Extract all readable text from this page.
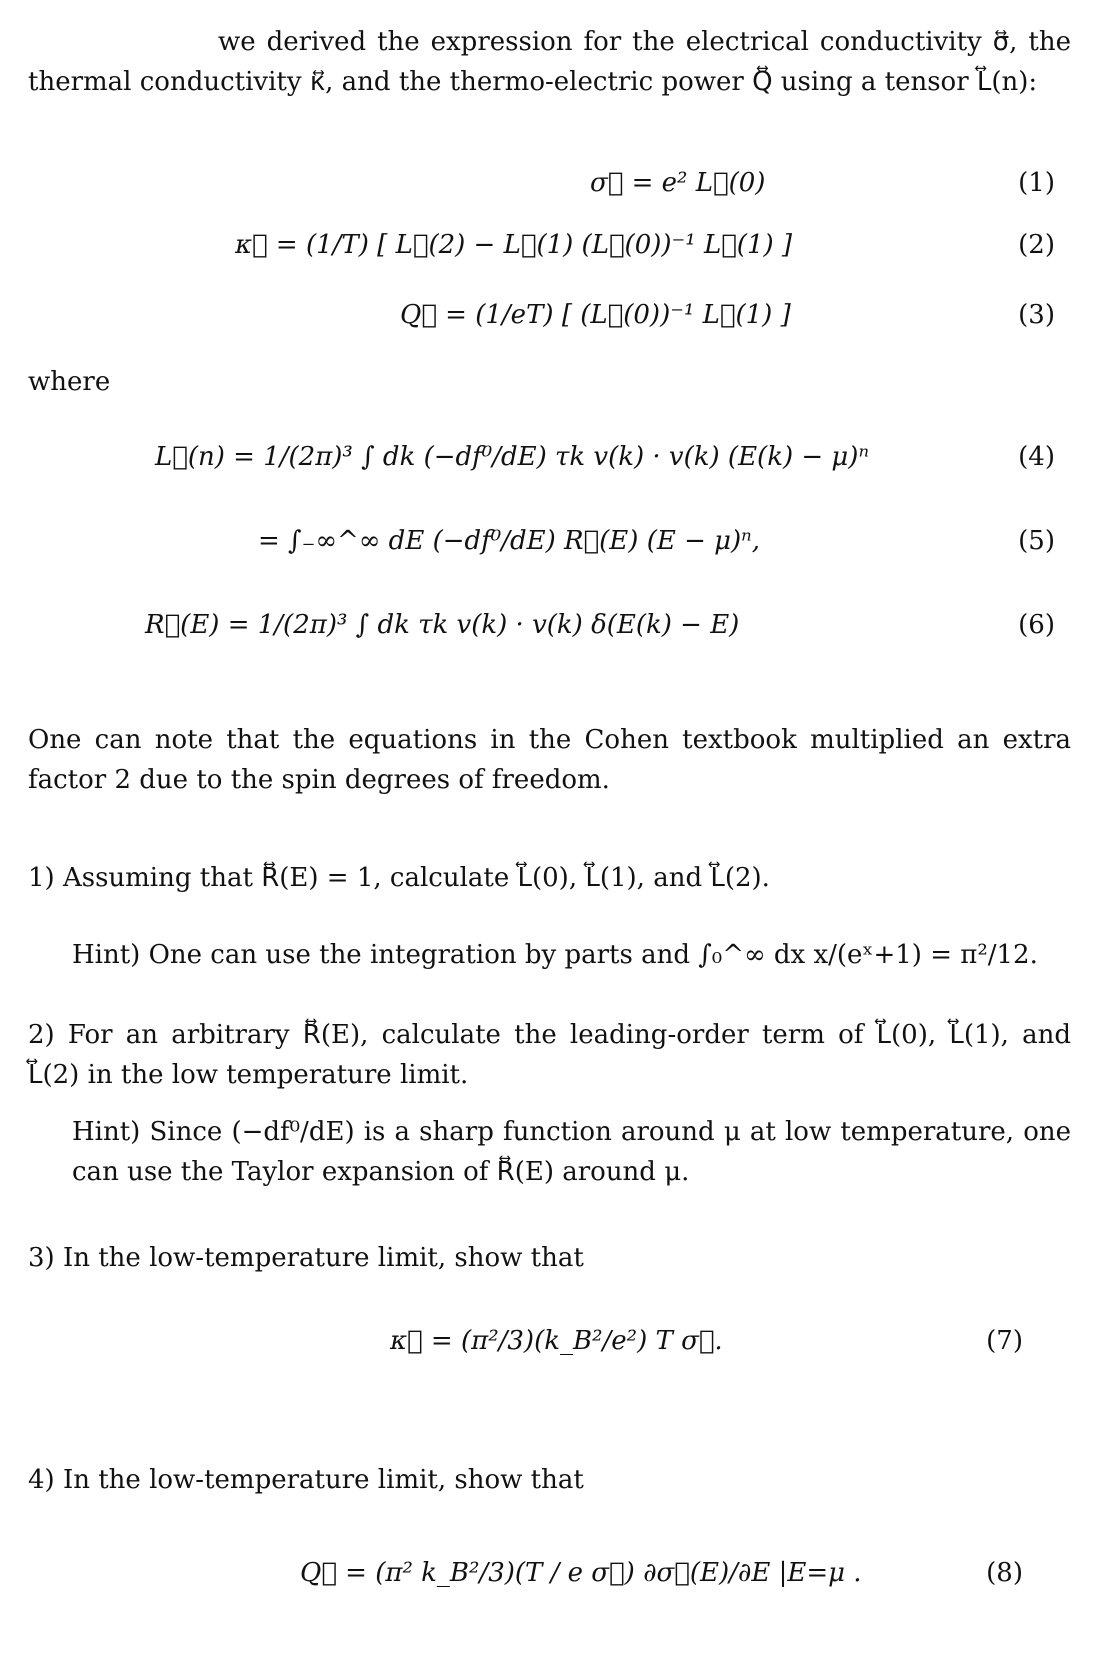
we derived the expression for the electrical conductivity σ⃡, the thermal conductivity κ⃡, and the thermo-electric power Q⃡ using a tensor L⃡(n):
σ⃡ = e² L⃡(0)	(1)
κ⃡ = (1/T) [ L⃡(2) − L⃡(1) (L⃡(0))⁻¹ L⃡(1) ]	(2)
Q⃡ = (1/eT) [ (L⃡(0))⁻¹ L⃡(1) ]	(3)
where
L⃡(n) = 1/(2π)³ ∫ dk (−df⁰/dE) τk v(k) · v(k) (E(k) − μ)ⁿ	(4)
= ∫₋∞^∞ dE (−df⁰/dE) R⃡(E) (E − μ)ⁿ,	(5)
R⃡(E) = 1/(2π)³ ∫ dk τk v(k) · v(k) δ(E(k) − E)	(6)
One can note that the equations in the Cohen textbook multiplied an extra factor 2 due to the spin degrees of freedom.
1) Assuming that R⃡(E) = 1, calculate L⃡(0), L⃡(1), and L⃡(2).
Hint) One can use the integration by parts and ∫₀^∞ dx x/(eˣ+1) = π²/12.
2) For an arbitrary R⃡(E), calculate the leading-order term of L⃡(0), L⃡(1), and L⃡(2) in the low temperature limit.
Hint) Since (−df⁰/dE) is a sharp function around μ at low temperature, one can use the Taylor expansion of R⃡(E) around μ.
3) In the low-temperature limit, show that
κ⃡ = (π²/3)(k_B²/e²) T σ⃡.	(7)
4) In the low-temperature limit, show that
Q⃡ = (π² k_B²/3)(T / e σ⃡) ∂σ⃡(E)/∂E |E=μ .	(8)
